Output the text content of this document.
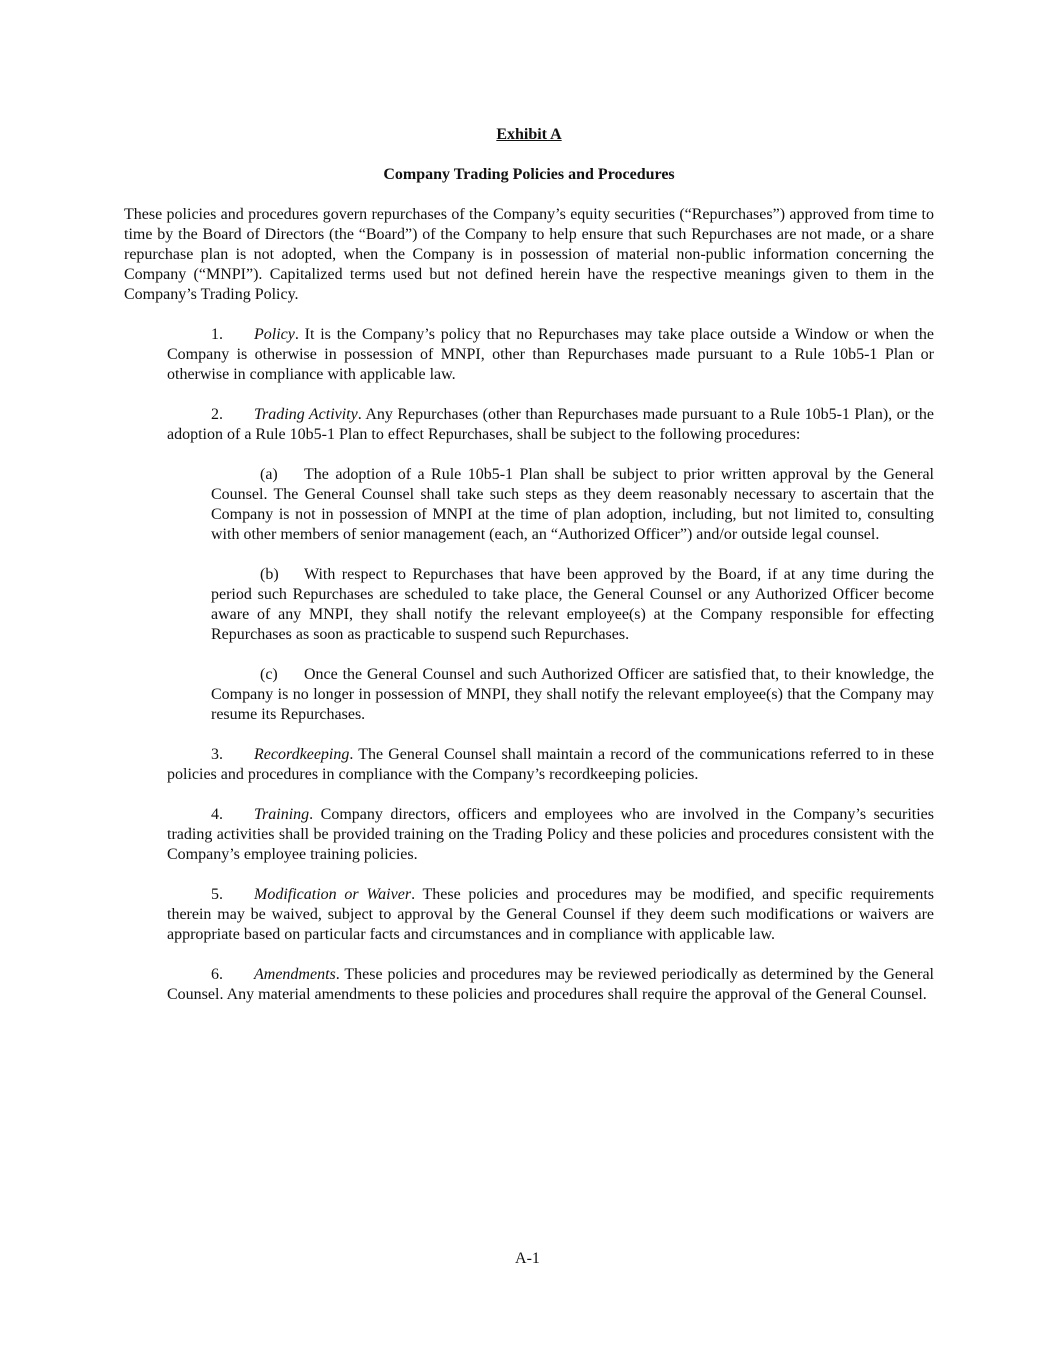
Exhibit A
Company Trading Policies and Procedures

These policies and procedures govern repurchases of the Company’s equity securities (“Repurchases”) approved from time to time by the Board of Directors (the “Board”) of the Company to help ensure that such Repurchases are not made, or a share repurchase plan is not adopted, when the Company is in possession of material non-public information concerning the Company (“MNPI”). Capitalized terms used but not defined herein have the respective meanings given to them in the Company’s Trading Policy.

1. Policy. It is the Company’s policy that no Repurchases may take place outside a Window or when the Company is otherwise in possession of MNPI, other than Repurchases made pursuant to a Rule 10b5-1 Plan or otherwise in compliance with applicable law.

2. Trading Activity. Any Repurchases (other than Repurchases made pursuant to a Rule 10b5-1 Plan), or the adoption of a Rule 10b5-1 Plan to effect Repurchases, shall be subject to the following procedures:

(a) The adoption of a Rule 10b5-1 Plan shall be subject to prior written approval by the General Counsel. The General Counsel shall take such steps as they deem reasonably necessary to ascertain that the Company is not in possession of MNPI at the time of plan adoption, including, but not limited to, consulting with other members of senior management (each, an “Authorized Officer”) and/or outside legal counsel.

(b) With respect to Repurchases that have been approved by the Board, if at any time during the period such Repurchases are scheduled to take place, the General Counsel or any Authorized Officer become aware of any MNPI, they shall notify the relevant employee(s) at the Company responsible for effecting Repurchases as soon as practicable to suspend such Repurchases.

(c) Once the General Counsel and such Authorized Officer are satisfied that, to their knowledge, the Company is no longer in possession of MNPI, they shall notify the relevant employee(s) that the Company may resume its Repurchases.

3. Recordkeeping. The General Counsel shall maintain a record of the communications referred to in these policies and procedures in compliance with the Company’s recordkeeping policies.

4. Training. Company directors, officers and employees who are involved in the Company’s securities trading activities shall be provided training on the Trading Policy and these policies and procedures consistent with the Company’s employee training policies.

5. Modification or Waiver. These policies and procedures may be modified, and specific requirements therein may be waived, subject to approval by the General Counsel if they deem such modifications or waivers are appropriate based on particular facts and circumstances and in compliance with applicable law.

6. Amendments. These policies and procedures may be reviewed periodically as determined by the General Counsel. Any material amendments to these policies and procedures shall require the approval of the General Counsel.

A-1
